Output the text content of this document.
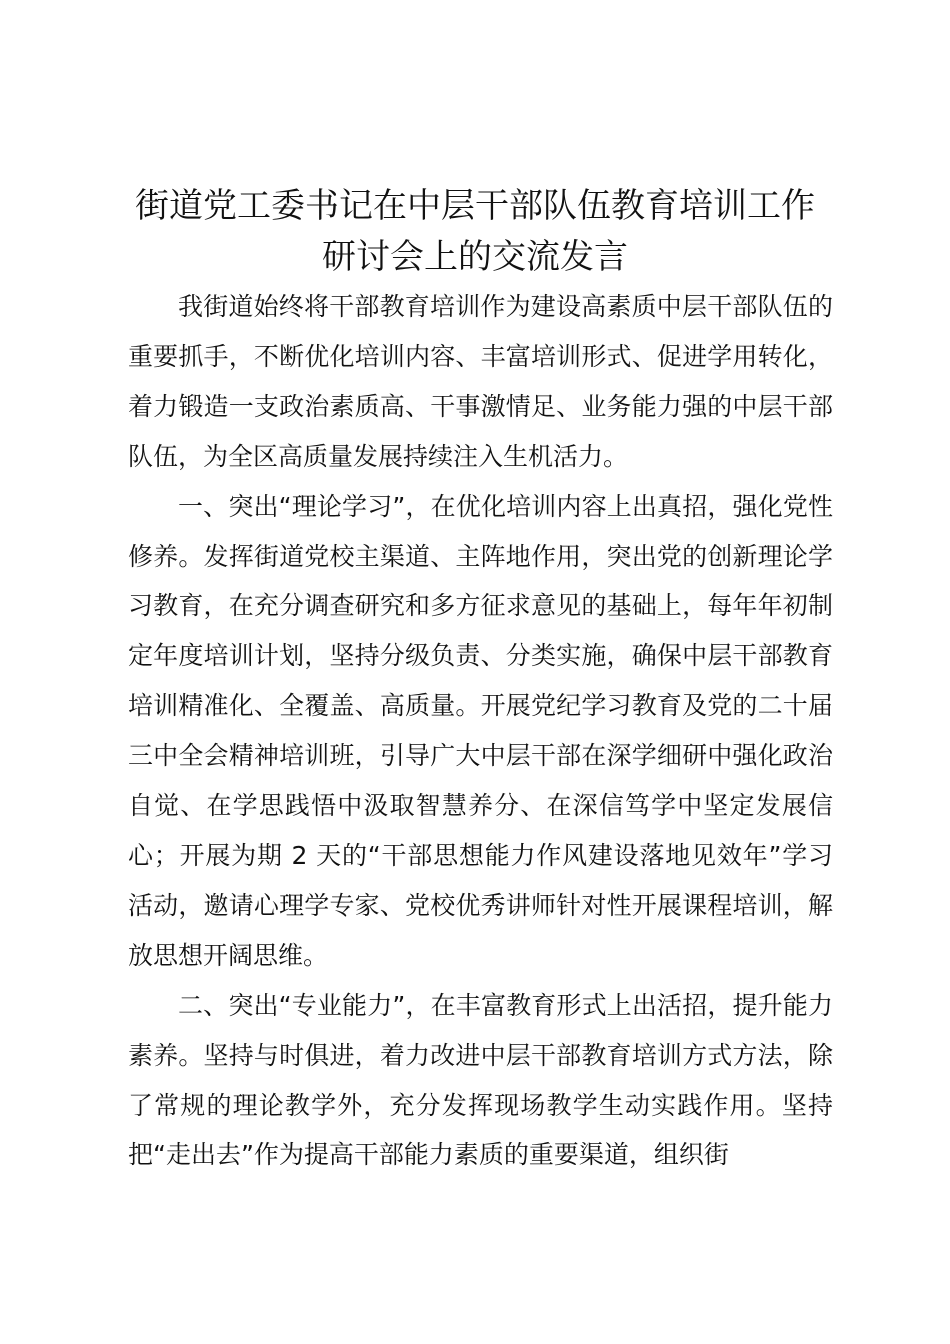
街道党工委书记在中层干部队伍教育培训工作
研讨会上的交流发言

我街道始终将干部教育培训作为建设高素质中层干部队伍的重要抓手，不断优化培训内容、丰富培训形式、促进学用转化，着力锻造一支政治素质高、干事激情足、业务能力强的中层干部队伍，为全区高质量发展持续注入生机活力。

一、突出“理论学习”，在优化培训内容上出真招，强化党性修养。发挥街道党校主渠道、主阵地作用，突出党的创新理论学习教育，在充分调查研究和多方征求意见的基础上，每年年初制定年度培训计划，坚持分级负责、分类实施，确保中层干部教育培训精准化、全覆盖、高质量。开展党纪学习教育及党的二十届三中全会精神培训班，引导广大中层干部在深学细研中强化政治自觉、在学思践悟中汲取智慧养分、在深信笃学中坚定发展信心；开展为期 2 天的“干部思想能力作风建设落地见效年”学习活动，邀请心理学专家、党校优秀讲师针对性开展课程培训，解放思想开阔思维。

二、突出“专业能力”，在丰富教育形式上出活招，提升能力素养。坚持与时俱进，着力改进中层干部教育培训方式方法，除了常规的理论教学外，充分发挥现场教学生动实践作用。坚持把“走出去”作为提高干部能力素质的重要渠道，组织街
